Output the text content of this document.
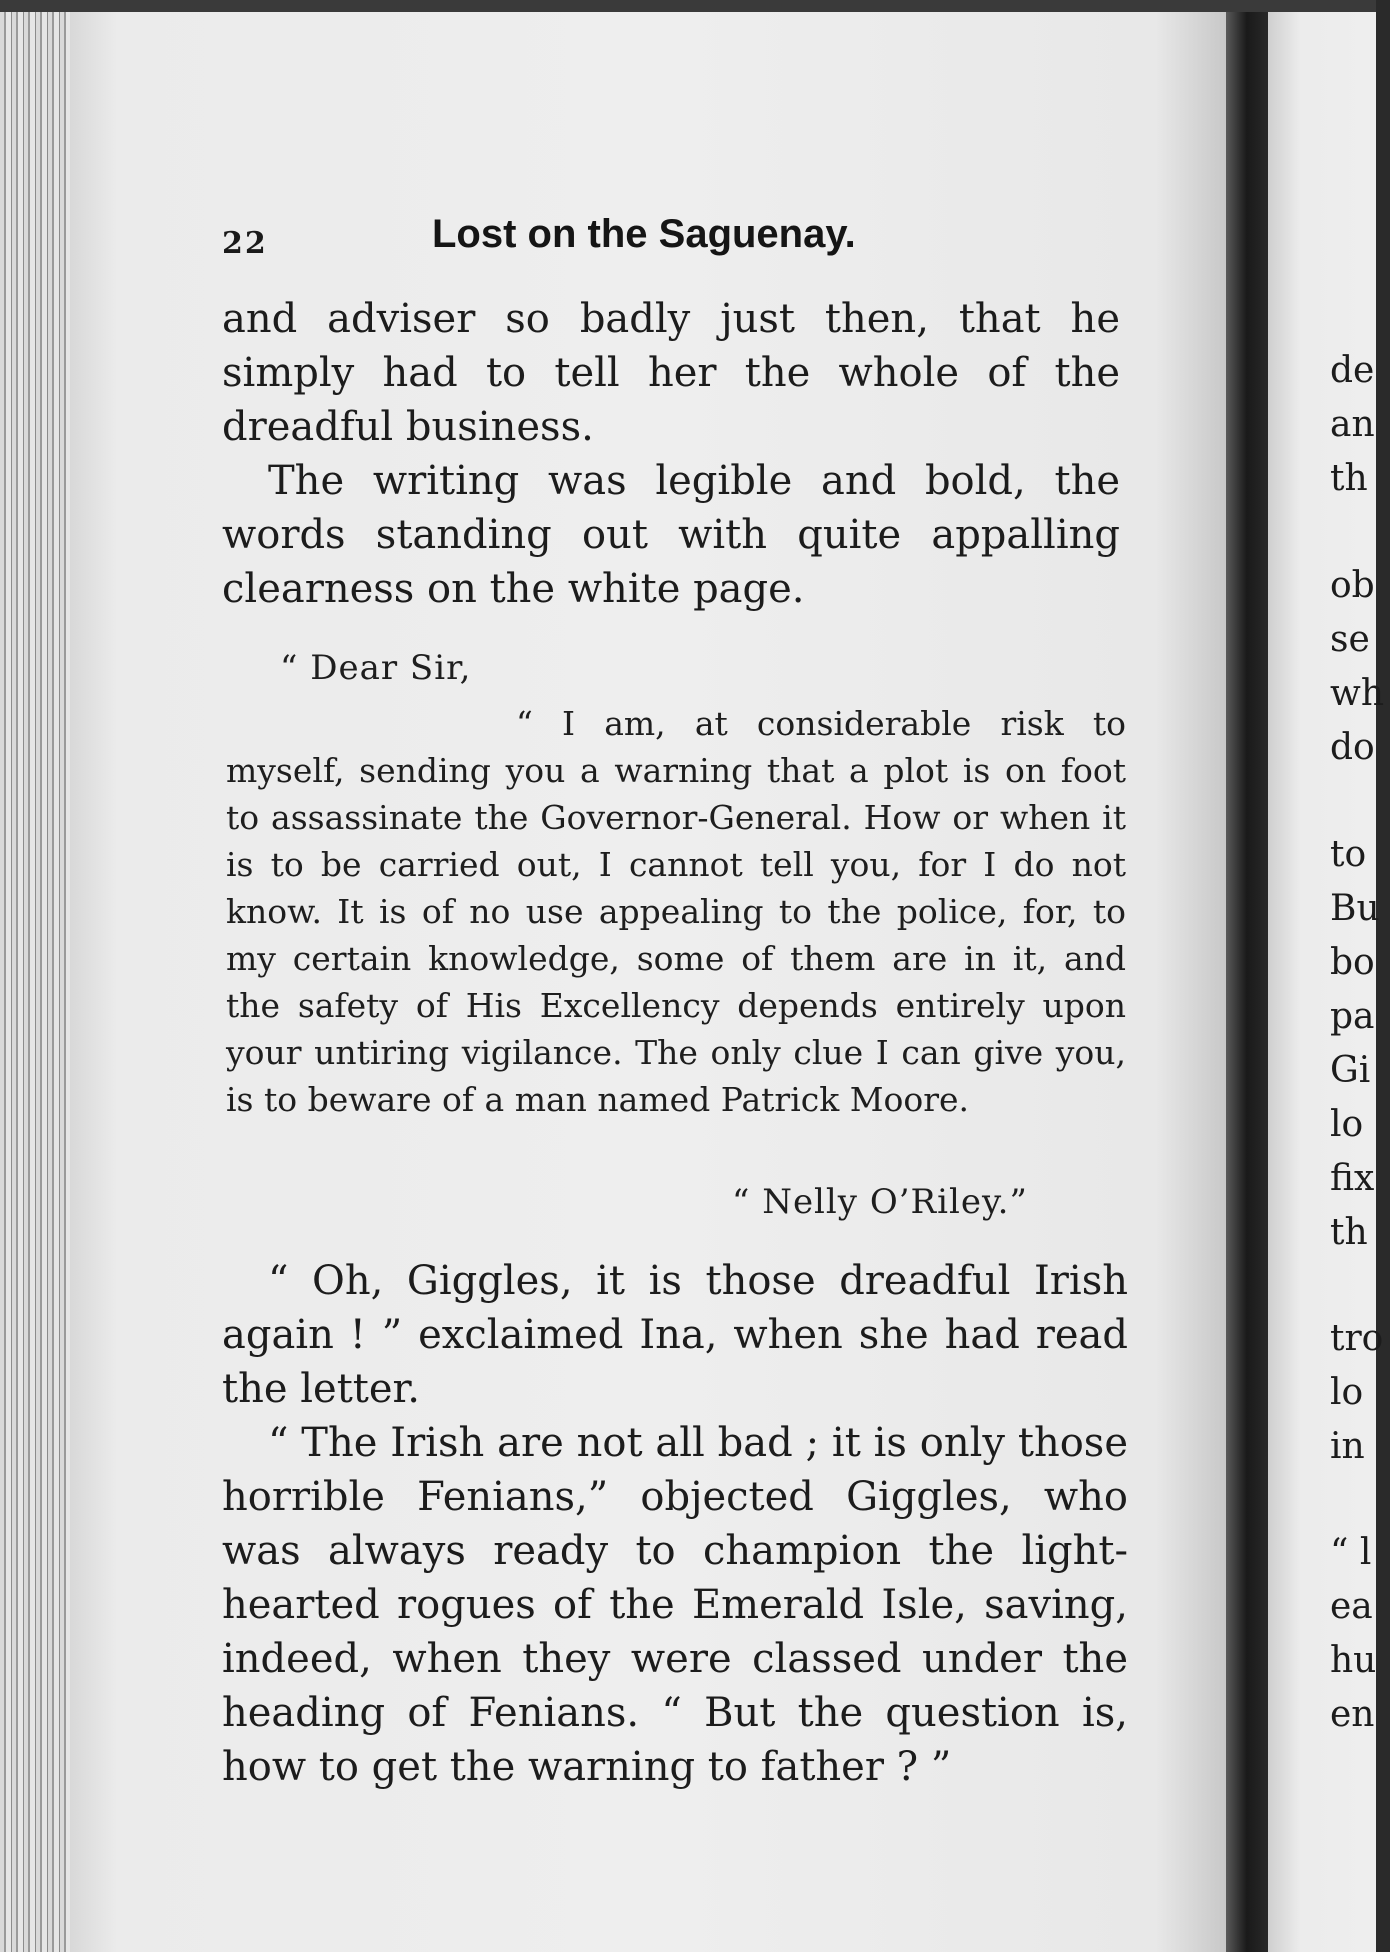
22	Lost on the Saguenay.

and adviser so badly just then, that he simply had to tell her the whole of the dreadful business.

The writing was legible and bold, the words standing out with quite appalling clearness on the white page.

“ Dear Sir,

“ I am, at considerable risk to myself, sending you a warning that a plot is on foot to assassinate the Governor-General. How or when it is to be carried out, I cannot tell you, for I do not know. It is of no use appealing to the police, for, to my certain knowledge, some of them are in it, and the safety of His Excellency depends entirely upon your untiring vigilance. The only clue I can give you, is to beware of a man named Patrick Moore.

“ Nelly O’Riley.”

“ Oh, Giggles, it is those dreadful Irish again ! ” exclaimed Ina, when she had read the letter.

“ The Irish are not all bad ; it is only those horrible Fenians,” objected Giggles, who was always ready to champion the light-hearted rogues of the Emerald Isle, saving, indeed, when they were classed under the heading of Fenians. “ But the question is, how to get the warning to father ? ”

de
an
th
ob
se
wh
do
to
Bu
bo
pa
Gi
lo
fix
th
tro
lo
in
“ l
ea
hu
en
